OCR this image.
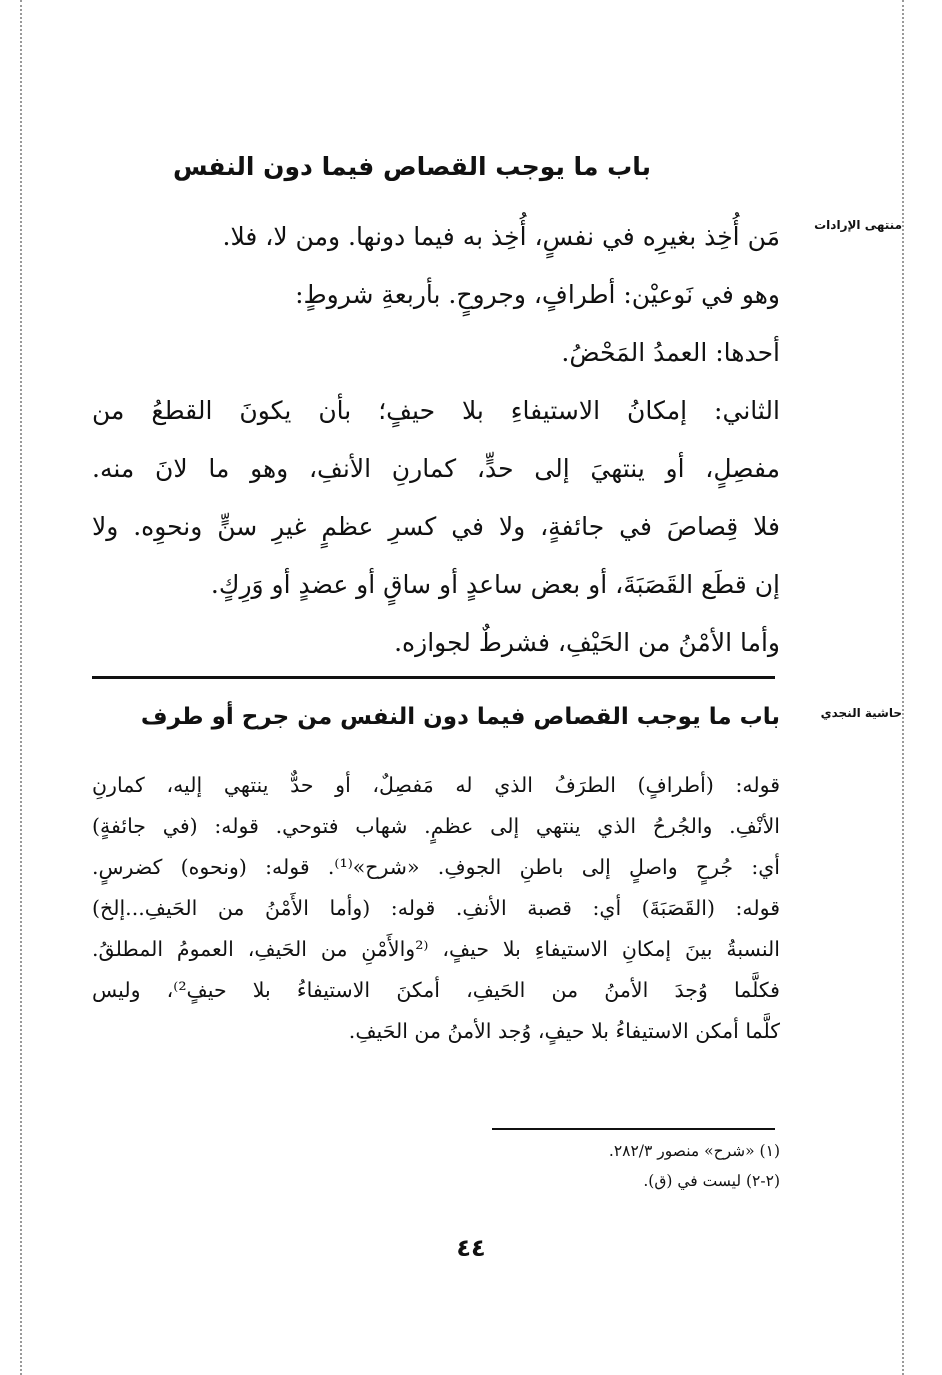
منتهى الإرادات
حاشية النجدي
باب ما يوجب القصاص فيما دون النفس
مَن أُخِذ بغيرِه في نفسٍ، أُخِذ به فيما دونها. ومن لا، فلا.
وهو في نَوعيْن: أطرافٍ، وجروحٍ. بأربعةِ شروطٍ:
أحدها: العمدُ المَحْضُ.
الثاني: إمكانُ الاستيفاءِ بلا حيفٍ؛ بأن يكونَ القطعُ من
مفصِلٍ، أو ينتهيَ إلى حدٍّ، كمارنِ الأنفِ، وهو ما لانَ منه.
فلا قِصاصَ في جائفةٍ، ولا في كسرِ عظمٍ غيرِ سنٍّ ونحوِه. ولا
إن قطَع القَصَبَةَ، أو بعض ساعدٍ أو ساقٍ أو عضدٍ أو وَرِكٍ.
وأما الأمْنُ من الحَيْفِ، فشرطٌ لجوازه.
باب ما يوجب القصاص فيما دون النفس من جرح أو طرف
قوله: (أطرافٍ) الطرَفُ الذي له مَفصِلٌ، أو حدٌّ ينتهي إليه، كمارنِ
الأنْفِ. والجُرحُ الذي ينتهي إلى عظمٍ. شهاب فتوحي. قوله: (في جائفةٍ)
أي: جُرحٍ واصلٍ إلى باطنِ الجوفِ. «شرح»⁽¹⁾. قوله: (ونحوه) كضرسٍ.
قوله: (القَصَبَةَ) أي: قصبة الأنفِ. قوله: (وأما الأَمْنُ من الحَيفِ...إلخ)
النسبةُ بينَ إمكانِ الاستيفاءِ بلا حيفٍ، ⁽²والأَمْنِ من الحَيفِ، العمومُ المطلقُ.
فكلَّما وُجدَ الأمنُ من الحَيفِ، أمكنَ الاستيفاءُ بلا حيفٍ²⁾، وليس
كلَّما أمكن الاستيفاءُ بلا حيفٍ، وُجد الأمنُ من الحَيفِ.
(١) «شرح» منصور ٢٨٢/٣.
(٢-٢) ليست في (ق).
٤٤
